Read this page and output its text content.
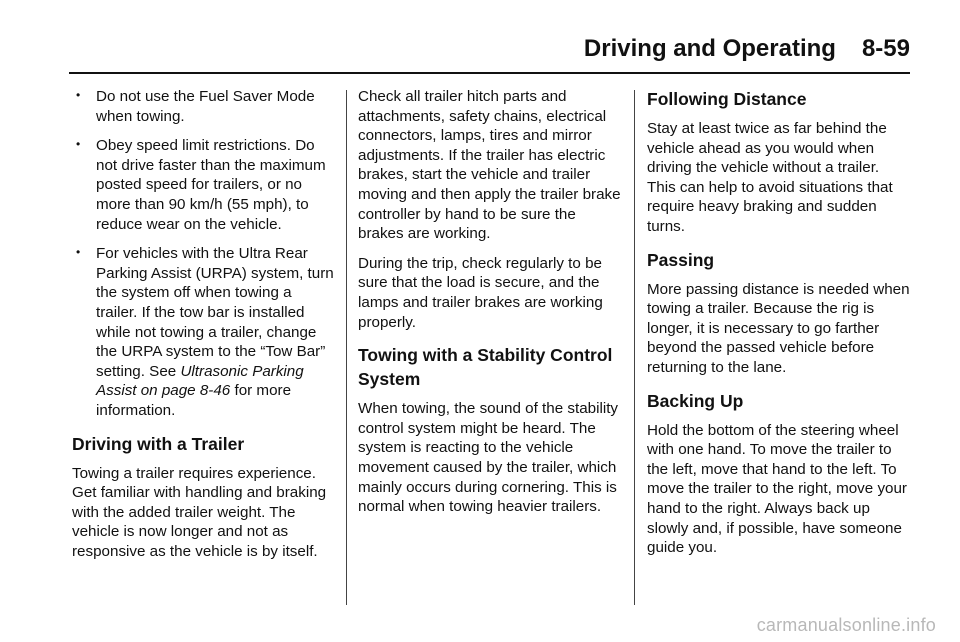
Driving and Operating 8-59
• Do not use the Fuel Saver Mode when towing.
• Obey speed limit restrictions. Do not drive faster than the maximum posted speed for trailers, or no more than 90 km/h (55 mph), to reduce wear on the vehicle.
• For vehicles with the Ultra Rear Parking Assist (URPA) system, turn the system off when towing a trailer. If the tow bar is installed while not towing a trailer, change the URPA system to the “Tow Bar” setting. See Ultrasonic Parking Assist on page 8-46 for more information.
Driving with a Trailer

Towing a trailer requires experience. Get familiar with handling and braking with the added trailer weight. The vehicle is now longer and not as responsive as the vehicle is by itself.

Check all trailer hitch parts and attachments, safety chains, electrical connectors, lamps, tires and mirror adjustments. If the trailer has electric brakes, start the vehicle and trailer moving and then apply the trailer brake controller by hand to be sure the brakes are working.

During the trip, check regularly to be sure that the load is secure, and the lamps and trailer brakes are working properly.

Towing with a Stability Control System

When towing, the sound of the stability control system might be heard. The system is reacting to the vehicle movement caused by the trailer, which mainly occurs during cornering. This is normal when towing heavier trailers.

Following Distance

Stay at least twice as far behind the vehicle ahead as you would when driving the vehicle without a trailer. This can help to avoid situations that require heavy braking and sudden turns.

Passing

More passing distance is needed when towing a trailer. Because the rig is longer, it is necessary to go farther beyond the passed vehicle before returning to the lane.

Backing Up

Hold the bottom of the steering wheel with one hand. To move the trailer to the left, move that hand to the left. To move the trailer to the right, move your hand to the right. Always back up slowly and, if possible, have someone guide you.

carmanualsonline.info
